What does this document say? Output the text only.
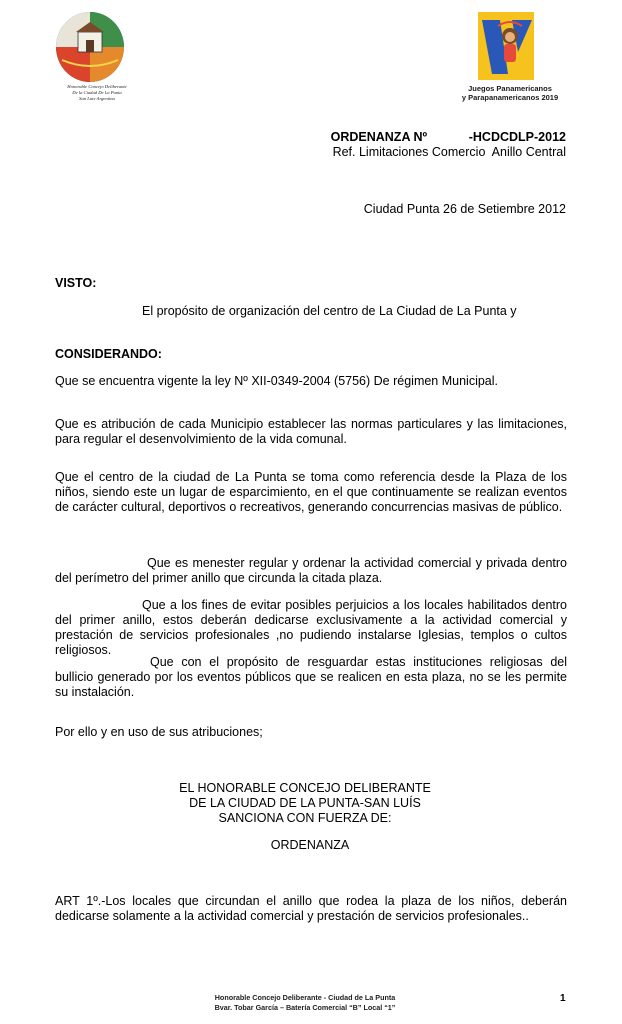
Honorable Concejo Deliberante
De la Ciudad De La Punta
San Luis-Argentina
Juegos Panamericanos
y Parapanamericanos 2019
ORDENANZA Nº            -HCDCDLP-2012
Ref. Limitaciones Comercio  Anillo Central
Ciudad Punta 26 de Setiembre 2012
VISTO:
El propósito de organización del centro de La Ciudad de La Punta y
CONSIDERANDO:
Que se encuentra vigente la ley Nº XII-0349-2004 (5756) De régimen Municipal.
Que es atribución de cada Municipio establecer las normas particulares y las limitaciones, para regular el desenvolvimiento de la vida comunal.
Que el centro de la ciudad de La Punta se toma como referencia desde la Plaza de los niños, siendo este un lugar de esparcimiento, en el que continuamente se realizan eventos de carácter cultural, deportivos o recreativos, generando concurrencias masivas de público.
Que es menester regular y ordenar la actividad comercial y privada dentro del perímetro del primer anillo que circunda la citada plaza.
Que a los fines de evitar posibles perjuicios a los locales habilitados dentro del primer anillo, estos deberán dedicarse exclusivamente a la actividad comercial y prestación de servicios profesionales ,no pudiendo instalarse Iglesias, templos o cultos religiosos.
Que con el propósito de resguardar estas instituciones religiosas del bullicio generado por los eventos públicos que se realicen en esta plaza, no se les permite su instalación.
Por ello y en uso de sus atribuciones;
EL HONORABLE CONCEJO DELIBERANTE
DE LA CIUDAD DE LA PUNTA-SAN LUÍS
SANCIONA CON FUERZA DE:
ORDENANZA
ART 1º.-Los locales que circundan el anillo que rodea la plaza de los niños, deberán dedicarse solamente a la actividad comercial y prestación de servicios profesionales..
Honorable Concejo Deliberante - Ciudad de La Punta
Bvar. Tobar García – Batería Comercial “B” Local “1”
1
